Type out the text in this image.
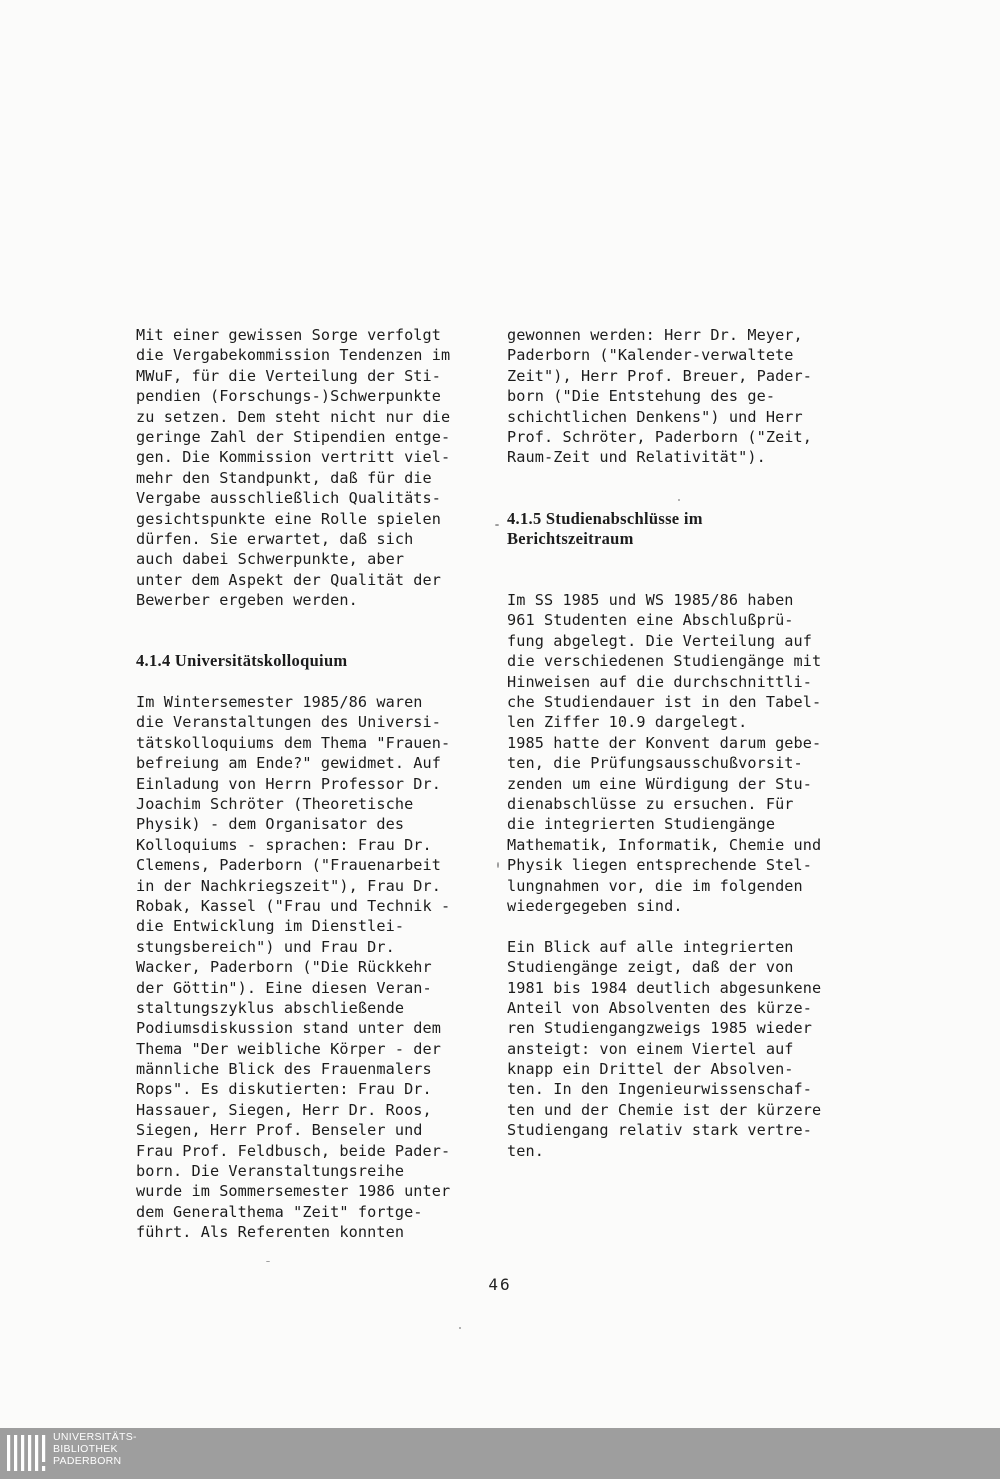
Mit einer gewissen Sorge verfolgt
die Vergabekommission Tendenzen im
MWuF, für die Verteilung der Sti-
pendien (Forschungs-)Schwerpunkte
zu setzen. Dem steht nicht nur die
geringe Zahl der Stipendien entge-
gen. Die Kommission vertritt viel-
mehr den Standpunkt, daß für die
Vergabe ausschließlich Qualitäts-
gesichtspunkte eine Rolle spielen
dürfen. Sie erwartet, daß sich
auch dabei Schwerpunkte, aber
unter dem Aspekt der Qualität der
Bewerber ergeben werden.
4.1.4 Universitätskolloquium
Im Wintersemester 1985/86 waren
die Veranstaltungen des Universi-
tätskolloquiums dem Thema "Frauen-
befreiung am Ende?" gewidmet. Auf
Einladung von Herrn Professor Dr.
Joachim Schröter (Theoretische
Physik) - dem Organisator des
Kolloquiums - sprachen: Frau Dr.
Clemens, Paderborn ("Frauenarbeit
in der Nachkriegszeit"), Frau Dr.
Robak, Kassel ("Frau und Technik -
die Entwicklung im Dienstlei-
stungsbereich") und Frau Dr.
Wacker, Paderborn ("Die Rückkehr
der Göttin"). Eine diesen Veran-
staltungszyklus abschließende
Podiumsdiskussion stand unter dem
Thema "Der weibliche Körper - der
männliche Blick des Frauenmalers
Rops". Es diskutierten: Frau Dr.
Hassauer, Siegen, Herr Dr. Roos,
Siegen, Herr Prof. Benseler und
Frau Prof. Feldbusch, beide Pader-
born. Die Veranstaltungsreihe
wurde im Sommersemester 1986 unter
dem Generalthema "Zeit" fortge-
führt. Als Referenten konnten
gewonnen werden: Herr Dr. Meyer,
Paderborn ("Kalender-verwaltete
Zeit"), Herr Prof. Breuer, Pader-
born ("Die Entstehung des ge-
schichtlichen Denkens") und Herr
Prof. Schröter, Paderborn ("Zeit,
Raum-Zeit und Relativität").
4.1.5 Studienabschlüsse im
Berichtszeitraum
Im SS 1985 und WS 1985/86 haben
961 Studenten eine Abschlußprü-
fung abgelegt. Die Verteilung auf
die verschiedenen Studiengänge mit
Hinweisen auf die durchschnittli-
che Studiendauer ist in den Tabel-
len Ziffer 10.9 dargelegt.
1985 hatte der Konvent darum gebe-
ten, die Prüfungsausschußvorsit-
zenden um eine Würdigung der Stu-
dienabschlüsse zu ersuchen. Für
die integrierten Studiengänge
Mathematik, Informatik, Chemie und
Physik liegen entsprechende Stel-
lungnahmen vor, die im folgenden
wiedergegeben sind.
Ein Blick auf alle integrierten
Studiengänge zeigt, daß der von
1981 bis 1984 deutlich abgesunkene
Anteil von Absolventen des kürze-
ren Studiengangzweigs 1985 wieder
ansteigt: von einem Viertel auf
knapp ein Drittel der Absolven-
ten. In den Ingenieurwissenschaf-
ten und der Chemie ist der kürzere
Studiengang relativ stark vertre-
ten.
46
UNIVERSITÄTS-
BIBLIOTHEK
PADERBORN
